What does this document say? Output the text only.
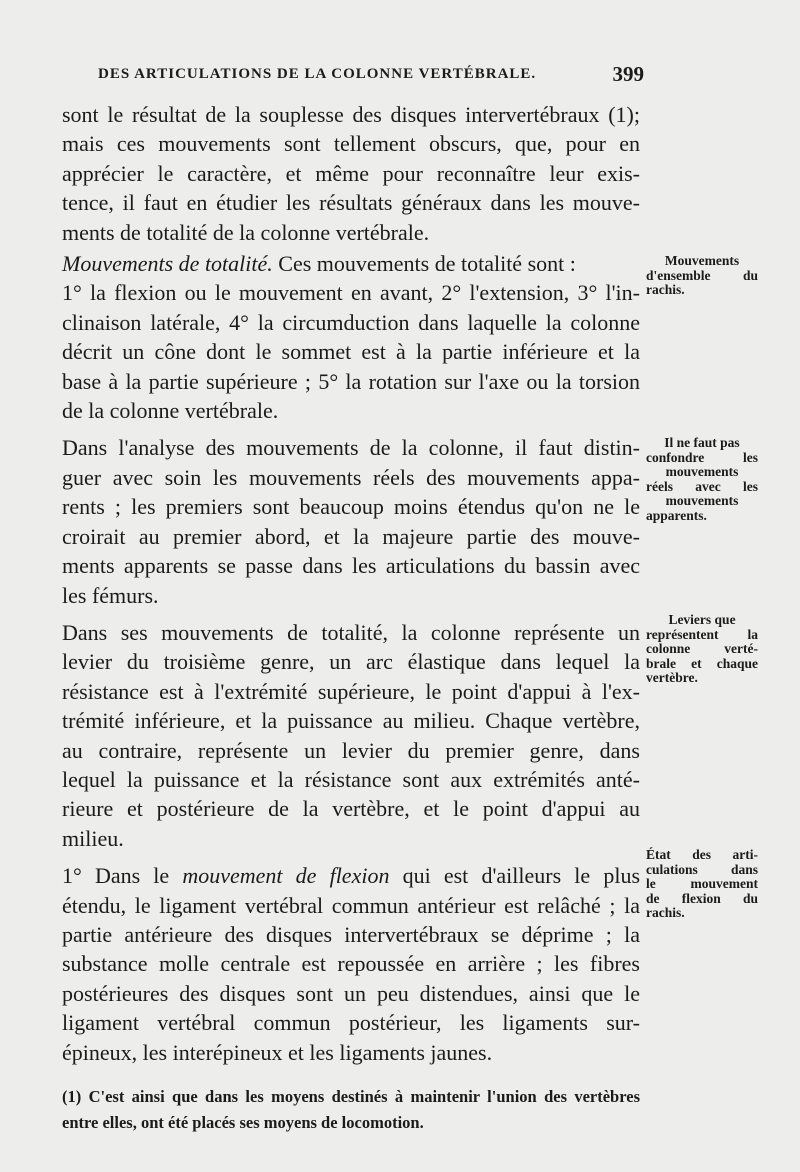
DES ARTICULATIONS DE LA COLONNE VERTÉBRALE.	399

sont le résultat de la souplesse des disques intervertébraux (1);
mais ces mouvements sont tellement obscurs, que, pour en
apprécier le caractère, et même pour reconnaître leur exis-
tence, il faut en étudier les résultats généraux dans les mouve-
ments de totalité de la colonne vertébrale.

Mouvements de totalité. Ces mouvements de totalité sont :
1° la flexion ou le mouvement en avant, 2° l'extension, 3° l'in-
clinaison latérale, 4° la circumduction dans laquelle la colonne
décrit un cône dont le sommet est à la partie inférieure et la
base à la partie supérieure ; 5° la rotation sur l'axe ou la torsion
de la colonne vertébrale.

Dans l'analyse des mouvements de la colonne, il faut distin-
guer avec soin les mouvements réels des mouvements appa-
rents ; les premiers sont beaucoup moins étendus qu'on ne le
croirait au premier abord, et la majeure partie des mouve-
ments apparents se passe dans les articulations du bassin avec
les fémurs.

Dans ses mouvements de totalité, la colonne représente un
levier du troisième genre, un arc élastique dans lequel la
résistance est à l'extrémité supérieure, le point d'appui à l'ex-
trémité inférieure, et la puissance au milieu. Chaque vertèbre,
au contraire, représente un levier du premier genre, dans
lequel la puissance et la résistance sont aux extrémités anté-
rieure et postérieure de la vertèbre, et le point d'appui au
milieu.

1° Dans le mouvement de flexion qui est d'ailleurs le plus
étendu, le ligament vertébral commun antérieur est relâché ; la
partie antérieure des disques intervertébraux se déprime ; la
substance molle centrale est repoussée en arrière ; les fibres
postérieures des disques sont un peu distendues, ainsi que le
ligament vertébral commun postérieur, les ligaments sur-
épineux, les interépineux et les ligaments jaunes.

Mouvements
d'ensemble du
rachis.
Il ne faut pas
confondre les
mouvements
réels avec les
mouvements
apparents.
Leviers que
représentent la
colonne verté-
brale et chaque
vertèbre.
État des arti-
culations dans
le mouvement
de flexion du
rachis.
(1) C'est ainsi que dans les moyens destinés à maintenir l'union des vertèbres
entre elles, ont été placés ses moyens de locomotion.
